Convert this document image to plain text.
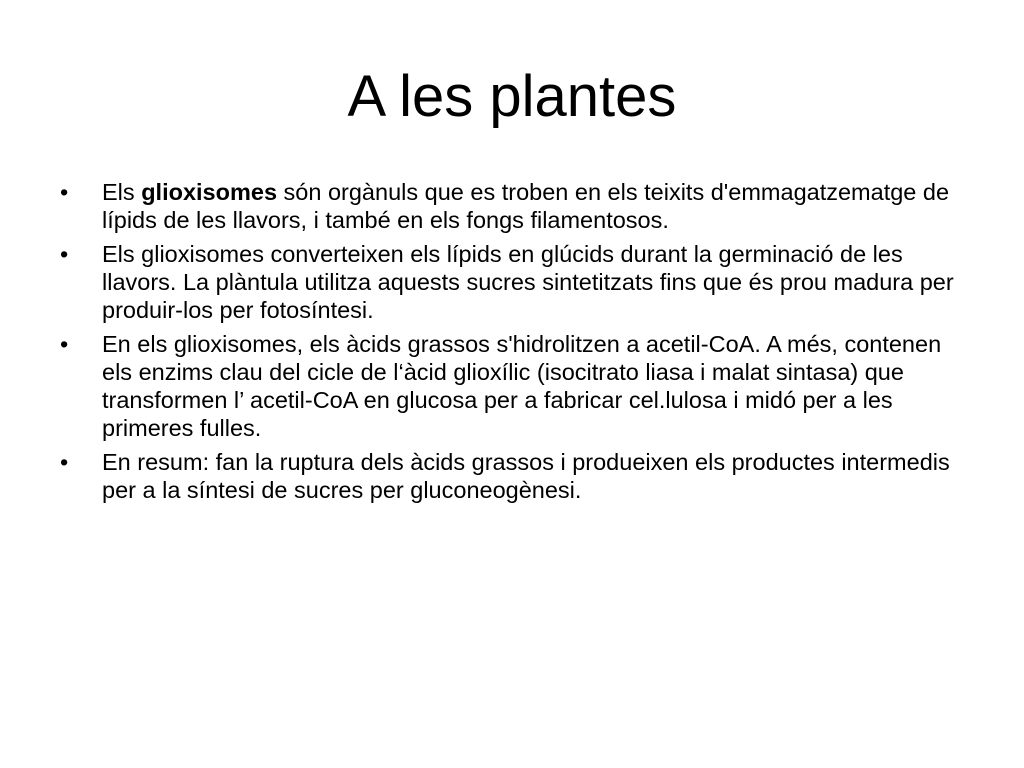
A les plantes
•	Els glioxisomes són orgànuls que es troben en els teixits d'emmagatzematge de lípids de les llavors, i també en els fongs filamentosos.
•	Els glioxisomes converteixen els lípids en glúcids durant la germinació de les llavors. La plàntula utilitza aquests sucres sintetitzats fins que és prou madura per produir-los per fotosíntesi.
•	En els glioxisomes, els àcids grassos s'hidrolitzen a acetil-CoA. A més, contenen els enzims clau del cicle de l‘àcid glioxílic (isocitrato liasa i malat sintasa) que transformen l’ acetil-CoA en glucosa per a fabricar cel.lulosa i midó per a les primeres fulles.
•	En resum: fan la ruptura dels àcids grassos i produeixen els productes intermedis per a la síntesi de sucres per gluconeogènesi.
